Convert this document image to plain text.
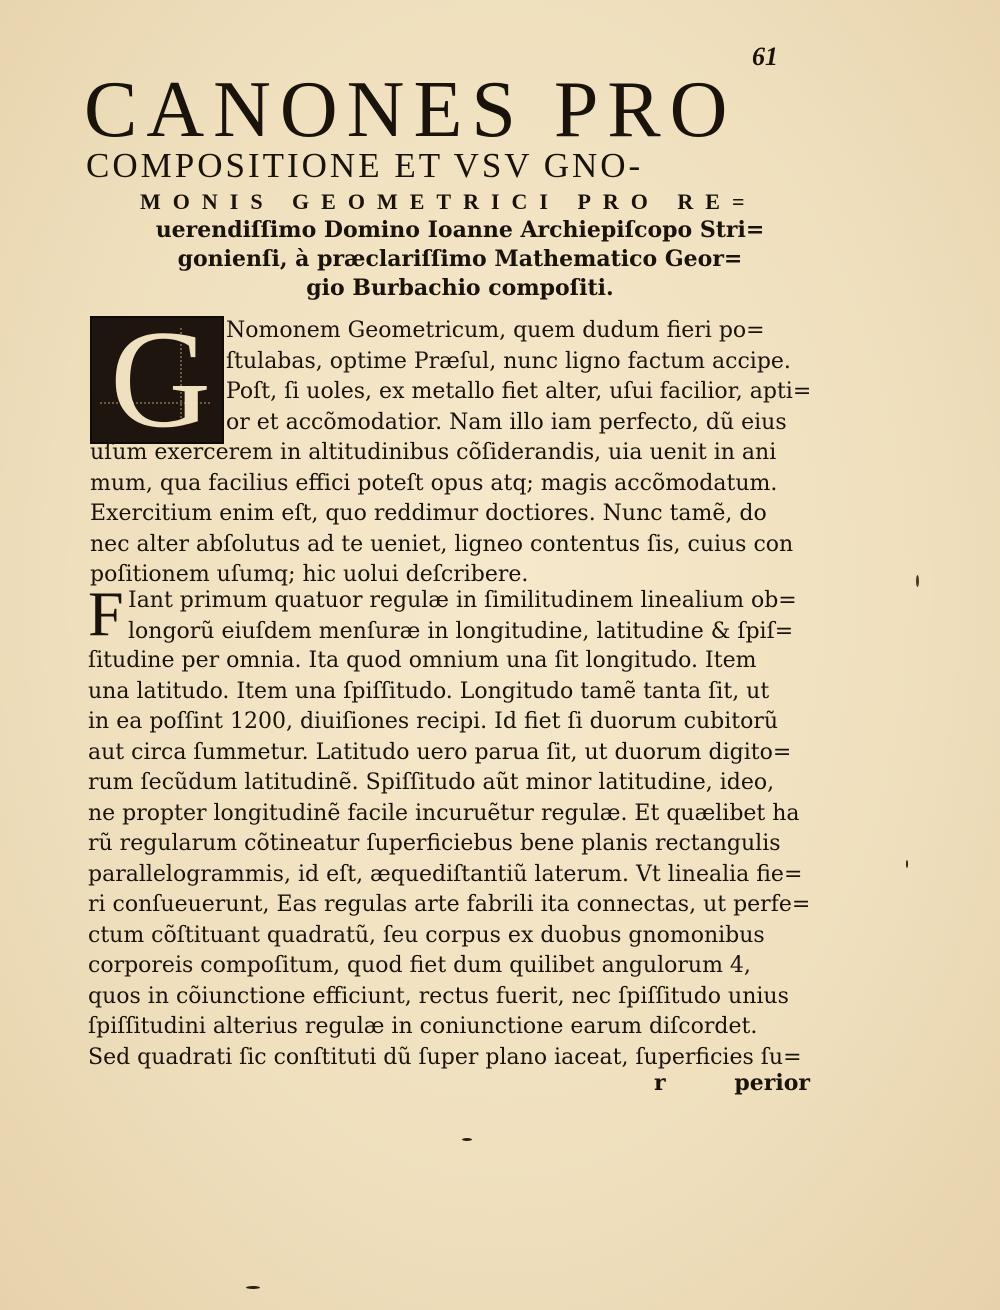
61
CANONES PRO
COMPOSITIONE ET VSV GNO-
MONIS GEOMETRICI PRO RE=
uerendiſſimo Domino Ioanne Archiepiſcopo Stri=
gonienſi, à præclariſſimo Mathematico Geor=
gio Burbachio compoſiti.
G Nomonem Geometricum, quem dudum fieri po=
ſtulabas, optime Præſul, nunc ligno factum accipe.
Poſt, ſi uoles, ex metallo fiet alter, uſui facilior, apti=
or et accõmodatior. Nam illo iam perfecto, dũ eius
uſum exercerem in altitudinibus cõſiderandis, uia uenit in ani
mum, qua facilius effici poteſt opus atq; magis accõmodatum.
Exercitium enim eſt, quo reddimur doctiores. Nunc tamẽ, do
nec alter abſolutus ad te ueniet, ligneo contentus ſis, cuius con
poſitionem uſumq; hic uolui deſcribere.
F Iant primum quatuor regulæ in ſimilitudinem linealium ob=
longorũ eiuſdem menſuræ in longitudine, latitudine & ſpiſ=
ſitudine per omnia. Ita quod omnium una ſit longitudo. Item
una latitudo. Item una ſpiſſitudo. Longitudo tamẽ tanta ſit, ut
in ea poſſint 1200, diuiſiones recipi. Id fiet ſi duorum cubitorũ
aut circa ſummetur. Latitudo uero parua ſit, ut duorum digito=
rum ſecũdum latitudinẽ. Spiſſitudo aũt minor latitudine, ideo,
ne propter longitudinẽ facile incuruẽtur regulæ. Et quælibet ha
rũ regularum cõtineatur ſuperficiebus bene planis rectangulis
parallelogrammis, id eſt, æquediſtantiũ laterum. Vt linealia fie=
ri conſueuerunt, Eas regulas arte fabrili ita connectas, ut perfe=
ctum cõſtituant quadratũ, ſeu corpus ex duobus gnomonibus
corporeis compoſitum, quod fiet dum quilibet angulorum 4,
quos in cõiunctione efficiunt, rectus fuerit, nec ſpiſſitudo unius
ſpiſſitudini alterius regulæ in coniunctione earum diſcordet.
Sed quadrati ſic conſtituti dũ ſuper plano iaceat, ſuperficies ſu=
r	perior
